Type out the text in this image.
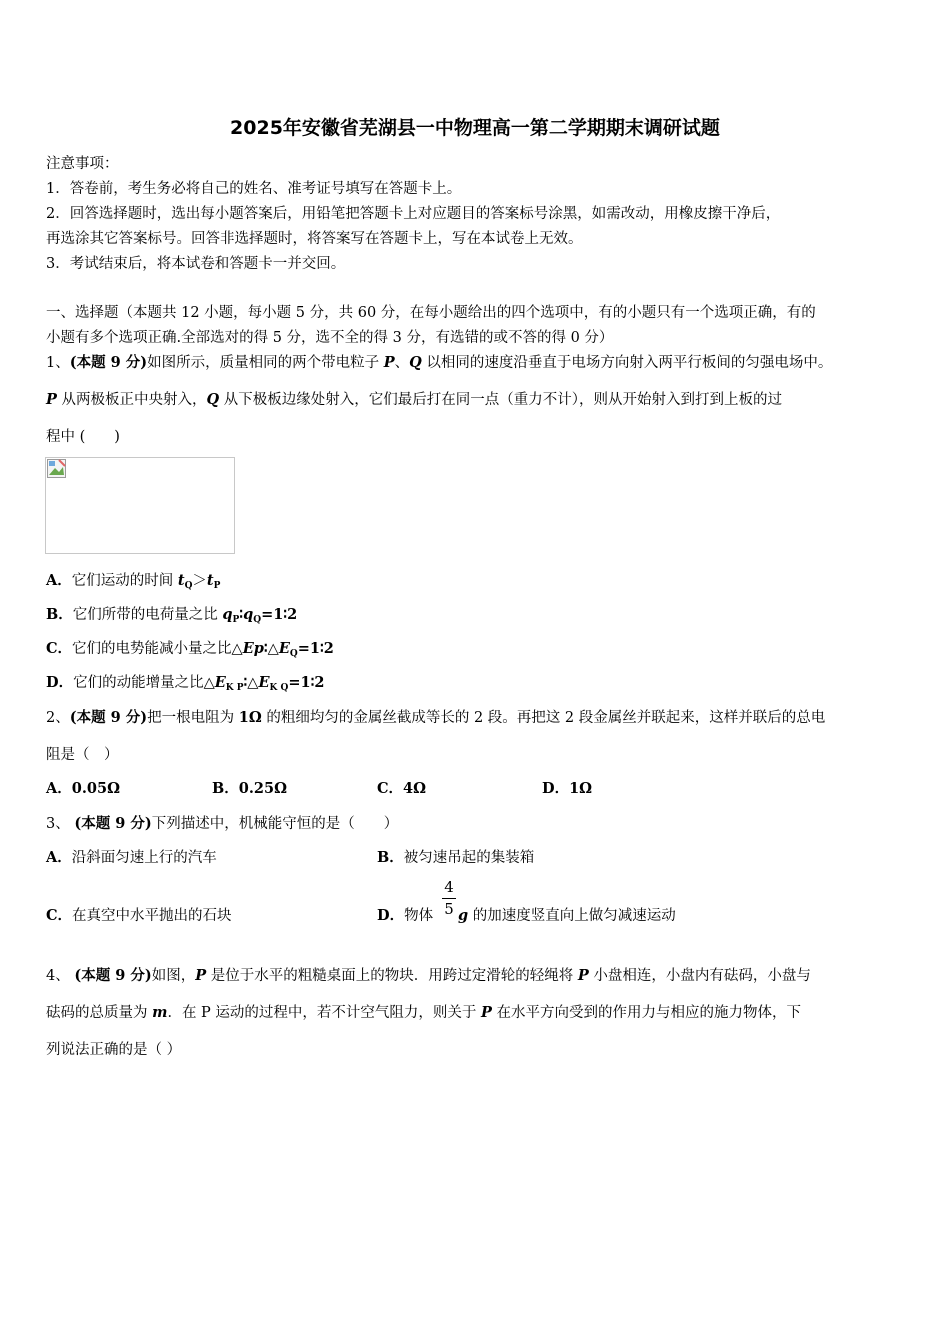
2025年安徽省芜湖县一中物理高一第二学期期末调研试题
注意事项：
1．答卷前，考生务必将自己的姓名、准考证号填写在答题卡上。
2．回答选择题时，选出每小题答案后，用铅笔把答题卡上对应题目的答案标号涂黑，如需改动，用橡皮擦干净后，
再选涂其它答案标号。回答非选择题时，将答案写在答题卡上，写在本试卷上无效。
3．考试结束后，将本试卷和答题卡一并交回。
一、选择题（本题共 12 小题，每小题 5 分，共 60 分，在每小题给出的四个选项中，有的小题只有一个选项正确，有的
小题有多个选项正确.全部选对的得 5 分，选不全的得 3 分，有选错的或不答的得 0 分）
1、(本题 9 分)如图所示，质量相同的两个带电粒子 P、Q 以相同的速度沿垂直于电场方向射入两平行板间的匀强电场中。
P 从两极板正中央射入，Q 从下极板边缘处射入，它们最后打在同一点（重力不计），则从开始射入到打到上板的过
程中 (　　)
A．它们运动的时间 $t_Q>t_P$
B．它们所带的电荷量之比 $q_P∶q_Q=1∶2$
C．它们的电势能减小量之比$\triangle Ep∶\triangle E_Q=1∶2$
D．它们的动能增量之比$\triangle E_{K P}∶\triangle E_{K Q}=1∶2$
2、(本题 9 分)把一根电阻为 1Ω 的粗细均匀的金属丝截成等长的 2 段。再把这 2 段金属丝并联起来，这样并联后的总电
阻是（　）
A．0.05Ω	B．0.25Ω	C．4Ω	D．1Ω
3、 (本题 9 分)下列描述中，机械能守恒的是（　　）
A．沿斜面匀速上行的汽车	B．被匀速吊起的集装箱
C．在真空中水平抛出的石块	D．物体
4
5 g 的加速度竖直向上做匀减速运动
4、 (本题 9 分)如图，P 是位于水平的粗糙桌面上的物块．用跨过定滑轮的轻绳将 P 小盘相连，小盘内有砝码，小盘与
砝码的总质量为 m．在 P 运动的过程中，若不计空气阻力，则关于 P 在水平方向受到的作用力与相应的施力物体，下
列说法正确的是（ ）
